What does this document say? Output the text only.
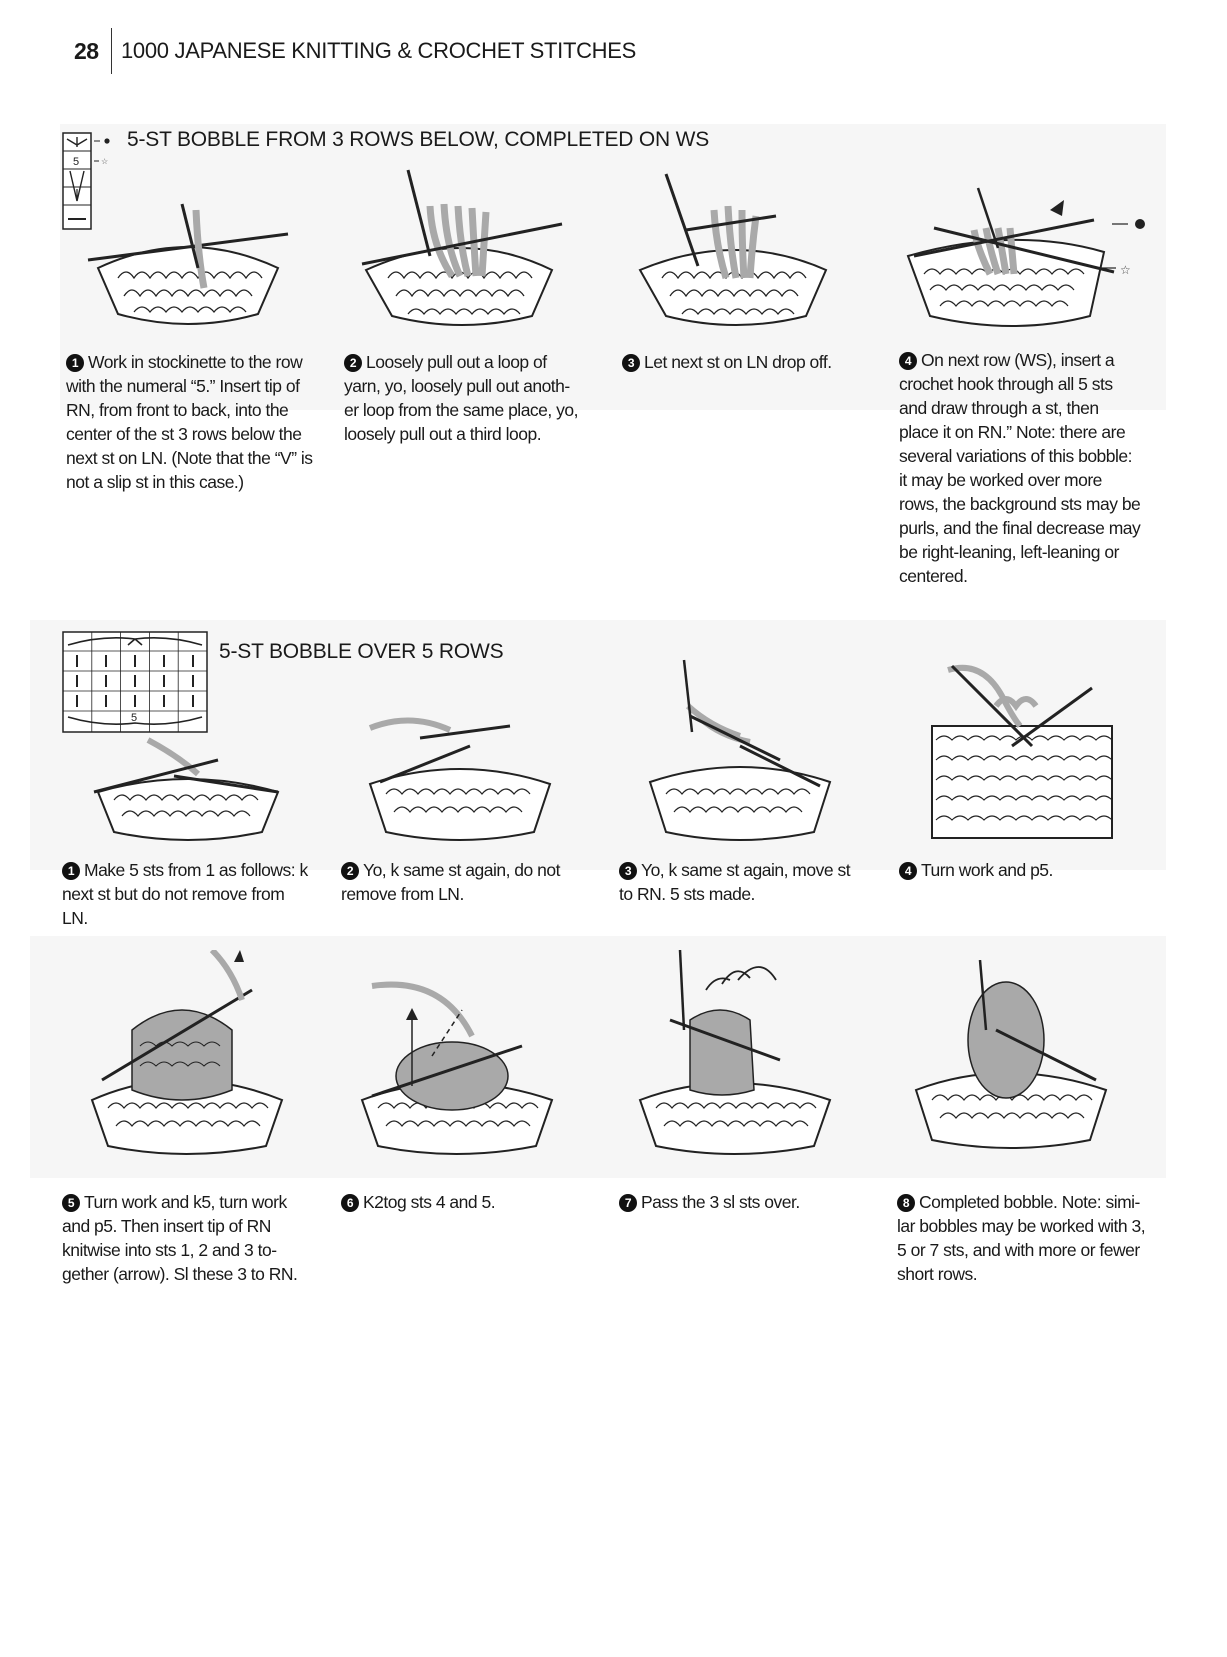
28 1000 JAPANESE KNITTING & CROCHET STITCHES
5	☆
5-ST BOBBLE FROM 3 ROWS BELOW, COMPLETED ON WS
☆
1 Work in stockinette to the row
with the numeral “5.” Insert tip of
RN, from front to back, into the
center of the st 3 rows below the
next st on LN. (Note that the “V” is
not a slip st in this case.)
2 Loosely pull out a loop of
yarn, yo, loosely pull out anoth-
er loop from the same place, yo,
loosely pull out a third loop.
3 Let next st on LN drop off.	4 On next row (WS), insert a
crochet hook through all 5 sts
and draw through a st, then
place it on RN.” Note: there are
several variations of this bobble:
it may be worked over more
rows, the background sts may be
purls, and the final decrease may
be right-leaning, left-leaning or
centered.
5
5-ST BOBBLE OVER 5 ROWS
1 Make 5 sts from 1 as follows: k
next st but do not remove from
LN.
2 Yo, k same st again, do not
remove from LN.
3 Yo, k same st again, move st
to RN. 5 sts made.
4 Turn work and p5.
5 Turn work and k5, turn work
and p5. Then insert tip of RN
knitwise into sts 1, 2 and 3 to-
gether (arrow). Sl these 3 to RN.
6 K2tog sts 4 and 5.	7 Pass the 3 sl sts over.	8 Completed bobble. Note: simi-
lar bobbles may be worked with 3,
5 or 7 sts, and with more or fewer
short rows.
